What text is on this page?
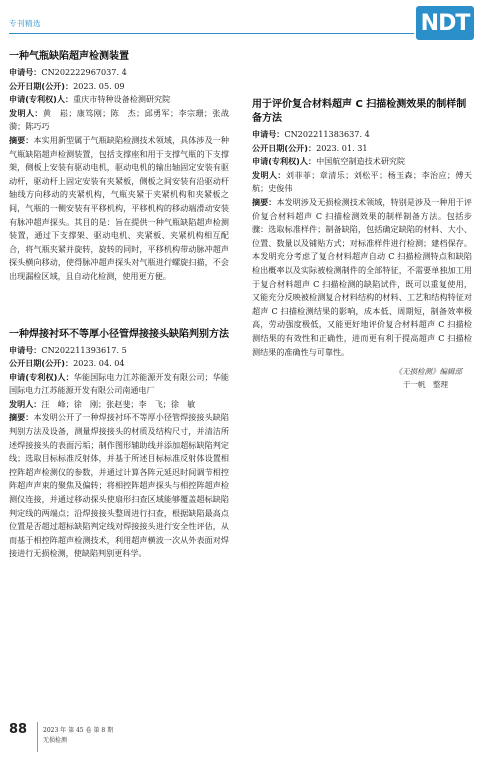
专刊精选	NDT

一种气瓶缺陷超声检测装置

申请号：CN202222967037. 4

公开日期(公开)：2023. 05. 09

申请(专利权)人：重庆市特种设备检测研究院

发明人：黄　崧；康笃刚；陈　杰；邱勇军；李宗珊；张战漪；陈巧巧

摘要：本实用新型属于气瓶缺陷检测技术领域，具体涉及一种气瓶缺陷超声检测装置，包括支撑座和用于支撑气瓶的下支撑架，侧板上安装有驱动电机，驱动电机的输出轴固定安装有驱动杆，驱动杆上固定安装有夹紧板，侧板之间安装有沿驱动杆轴线方向移动的夹紧机构，气瓶夹紧于夹紧机构和夹紧板之间，气瓶的一侧安装有平移机构，平移机构的移动端滑动安装有脉冲超声探头。其目的是：旨在提供一种气瓶缺陷超声检测装置，通过下支撑架、驱动电机、夹紧板、夹紧机构相互配合，将气瓶夹紧并旋转，旋转的同时，平移机构带动脉冲超声探头横向移动，使得脉冲超声探头对气瓶进行螺旋扫描，不会出现漏检区域，且自动化检测，使用更方便。

一种焊接衬环不等厚小径管焊接接头缺陷判别方法

申请号：CN202211393617. 5

公开日期(公开)：2023. 04. 04

申请(专利权)人：华能国际电力江苏能源开发有限公司；华能国际电力江苏能源开发有限公司南通电厂

发明人：汪　峰；徐　刚；张赵斐；李　飞；徐　敏

摘要：本发明公开了一种焊接衬环不等厚小径管焊接接头缺陷判别方法及设备，测量焊接接头的材质及结构尺寸，并清洁所述焊接接头的表面污垢；制作图形辅助线并添加超标缺陷判定线；选取目标标准反射体，并基于所述目标标准反射体设置相控阵超声检测仪的参数，并通过计算各阵元延迟时间调节相控阵超声声束的聚焦及偏转；将相控阵超声探头与相控阵超声检测仪连接，并通过移动探头使扇形扫查区域能够覆盖超标缺陷判定线的两端点；沿焊接接头整周进行扫查，根据缺陷最高点位置是否超过超标缺陷判定线对焊接接头进行安全性评估，从而基于相控阵超声检测技术，利用超声横波一次从外表面对焊接进行无损检测，使缺陷判别更科学。

用于评价复合材料超声 C 扫描检测效果的制样制备方法

申请号：CN202211383637. 4

公开日期(公开)：2023. 01. 31

申请(专利权)人：中国航空制造技术研究院

发明人：刘菲菲；章清乐；刘松平；杨玉森；李治应；傅天航；史俊伟

摘要：本发明涉及无损检测技术领域，特别是涉及一种用于评价复合材料超声 C 扫描检测效果的制样制备方法。包括步骤：选取标准样件；制备缺陷，包括确定缺陷的材料、大小、位置、数量以及铺贴方式；对标准样件进行检测；建档保存。本发明充分考虑了复合材料超声自动 C 扫描检测特点和缺陷检出概率以及实际被检测制件的全部特征，不需要单独加工用于复合材料超声 C 扫描检测的缺陷试件，既可以重复使用，又能充分反映被检测复合材料结构的材料、工艺和结构特征对超声 C 扫描检测结果的影响，成本低、周期短，制备效率极高，劳动强度极低，又能更好地评价复合材料超声 C 扫描检测结果的有效性和正确性，进而更有利于提高超声 C 扫描检测结果的准确性与可靠性。

《无损检测》编辑部

于一帆　整理

88	2023 年 第 45 卷 第 8 期
无损检测
